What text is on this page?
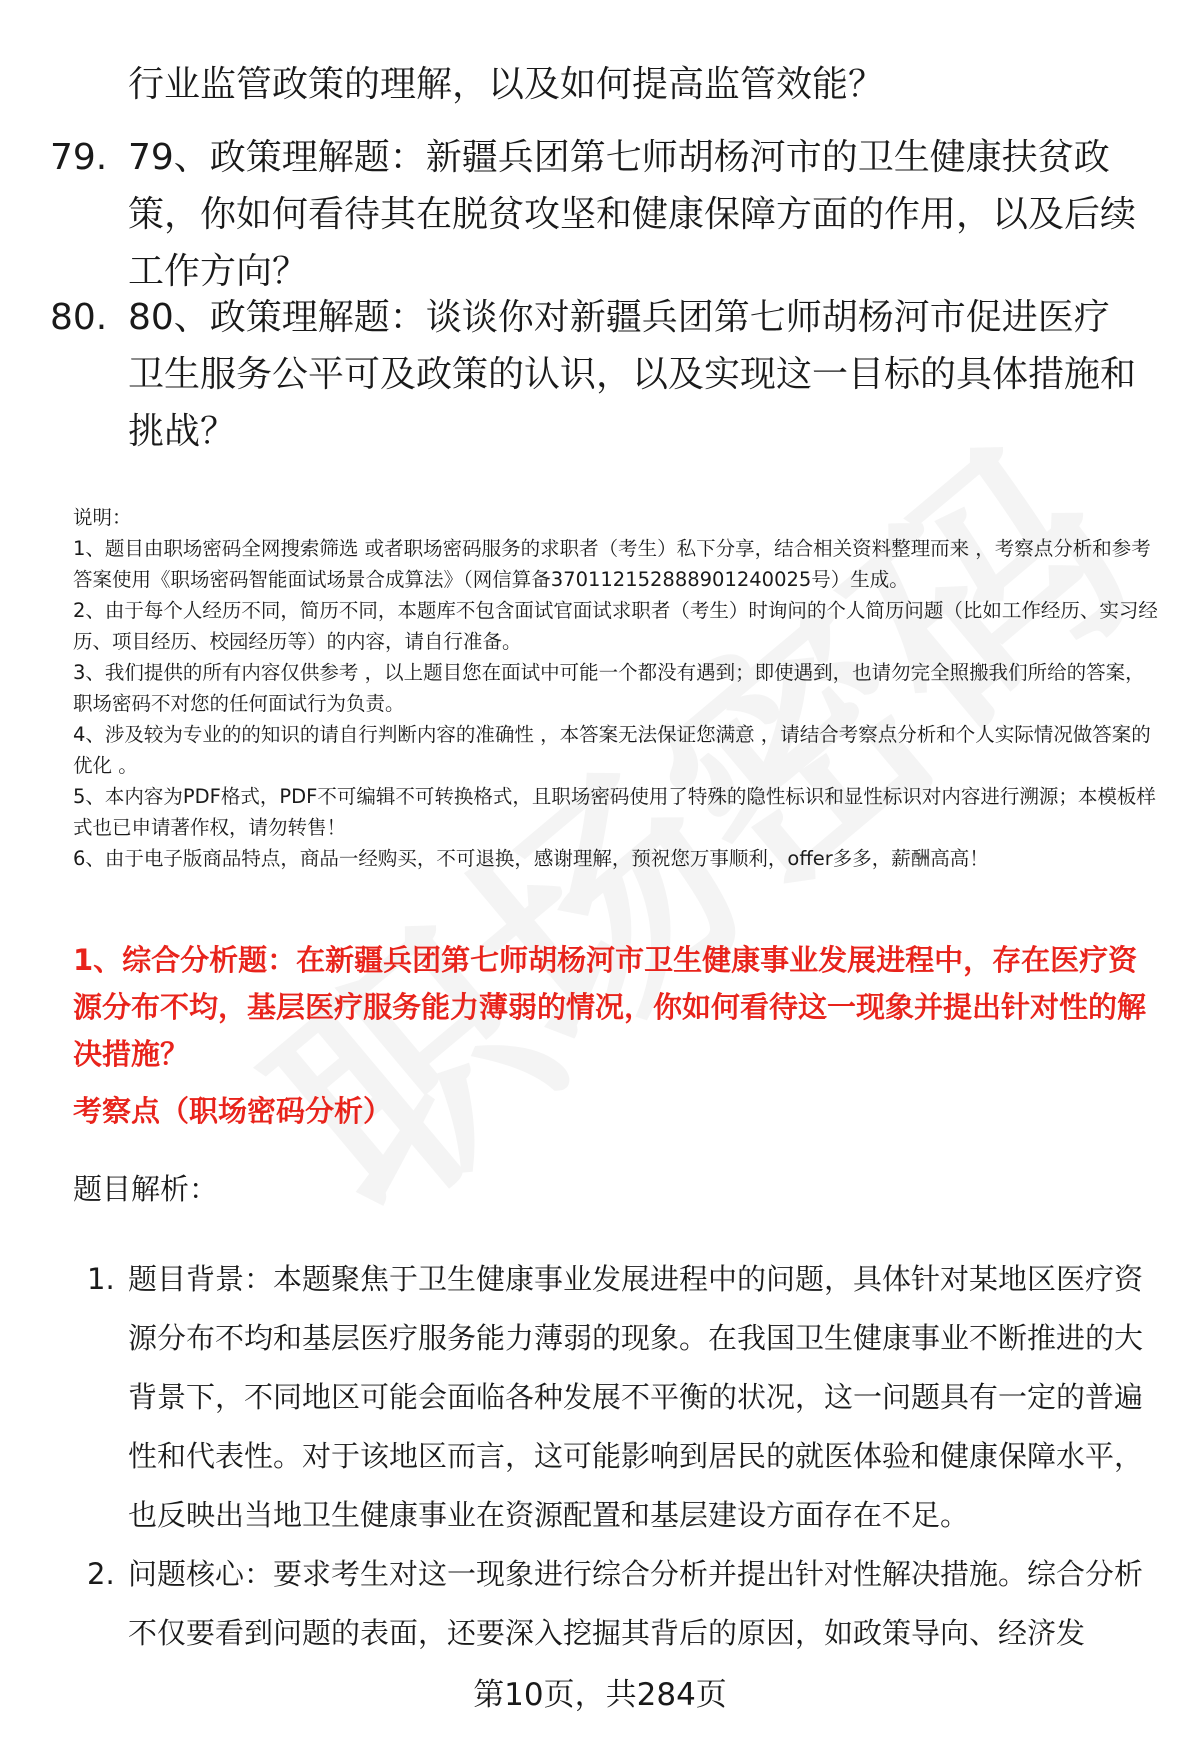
行业监管政策的理解，以及如何提高监管效能？
79. 79、政策理解题：新疆兵团第七师胡杨河市的卫生健康扶贫政策，你如何看待其在脱贫攻坚和健康保障方面的作用，以及后续工作方向？
80. 80、政策理解题：谈谈你对新疆兵团第七师胡杨河市促进医疗卫生服务公平可及政策的认识，以及实现这一目标的具体措施和挑战？

说明：

1、题目由职场密码全网搜索筛选 或者职场密码服务的求职者（考生）私下分享，结合相关资料整理而来 ，考察点分析和参考答案使用《职场密码智能面试场景合成算法》（网信算备370112152888901240025号）生成。

2、由于每个人经历不同，简历不同，本题库不包含面试官面试求职者（考生）时询问的个人简历问题（比如工作经历、实习经历、项目经历、校园经历等）的内容，请自行准备。

3、我们提供的所有内容仅供参考 ，以上题目您在面试中可能一个都没有遇到；即使遇到，也请勿完全照搬我们所给的答案，职场密码不对您的任何面试行为负责。

4、涉及较为专业的的知识的请自行判断内容的准确性 ，本答案无法保证您满意 ，请结合考察点分析和个人实际情况做答案的优化 。

5、本内容为PDF格式，PDF不可编辑不可转换格式，且职场密码使用了特殊的隐性标识和显性标识对内容进行溯源；本模板样式也已申请著作权，请勿转售！

6、由于电子版商品特点，商品一经购买，不可退换，感谢理解，预祝您万事顺利，offer多多，薪酬高高！

1、综合分析题：在新疆兵团第七师胡杨河市卫生健康事业发展进程中，存在医疗资源分布不均，基层医疗服务能力薄弱的情况，你如何看待这一现象并提出针对性的解决措施？
考察点（职场密码分析）
题目解析：
1. 题目背景：本题聚焦于卫生健康事业发展进程中的问题，具体针对某地区医疗资源分布不均和基层医疗服务能力薄弱的现象。在我国卫生健康事业不断推进的大背景下，不同地区可能会面临各种发展不平衡的状况，这一问题具有一定的普遍性和代表性。对于该地区而言，这可能影响到居民的就医体验和健康保障水平，也反映出当地卫生健康事业在资源配置和基层建设方面存在不足。
2. 问题核心：要求考生对这一现象进行综合分析并提出针对性解决措施。综合分析不仅要看到问题的表面，还要深入挖掘其背后的原因，如政策导向、经济发
第10页，共284页
